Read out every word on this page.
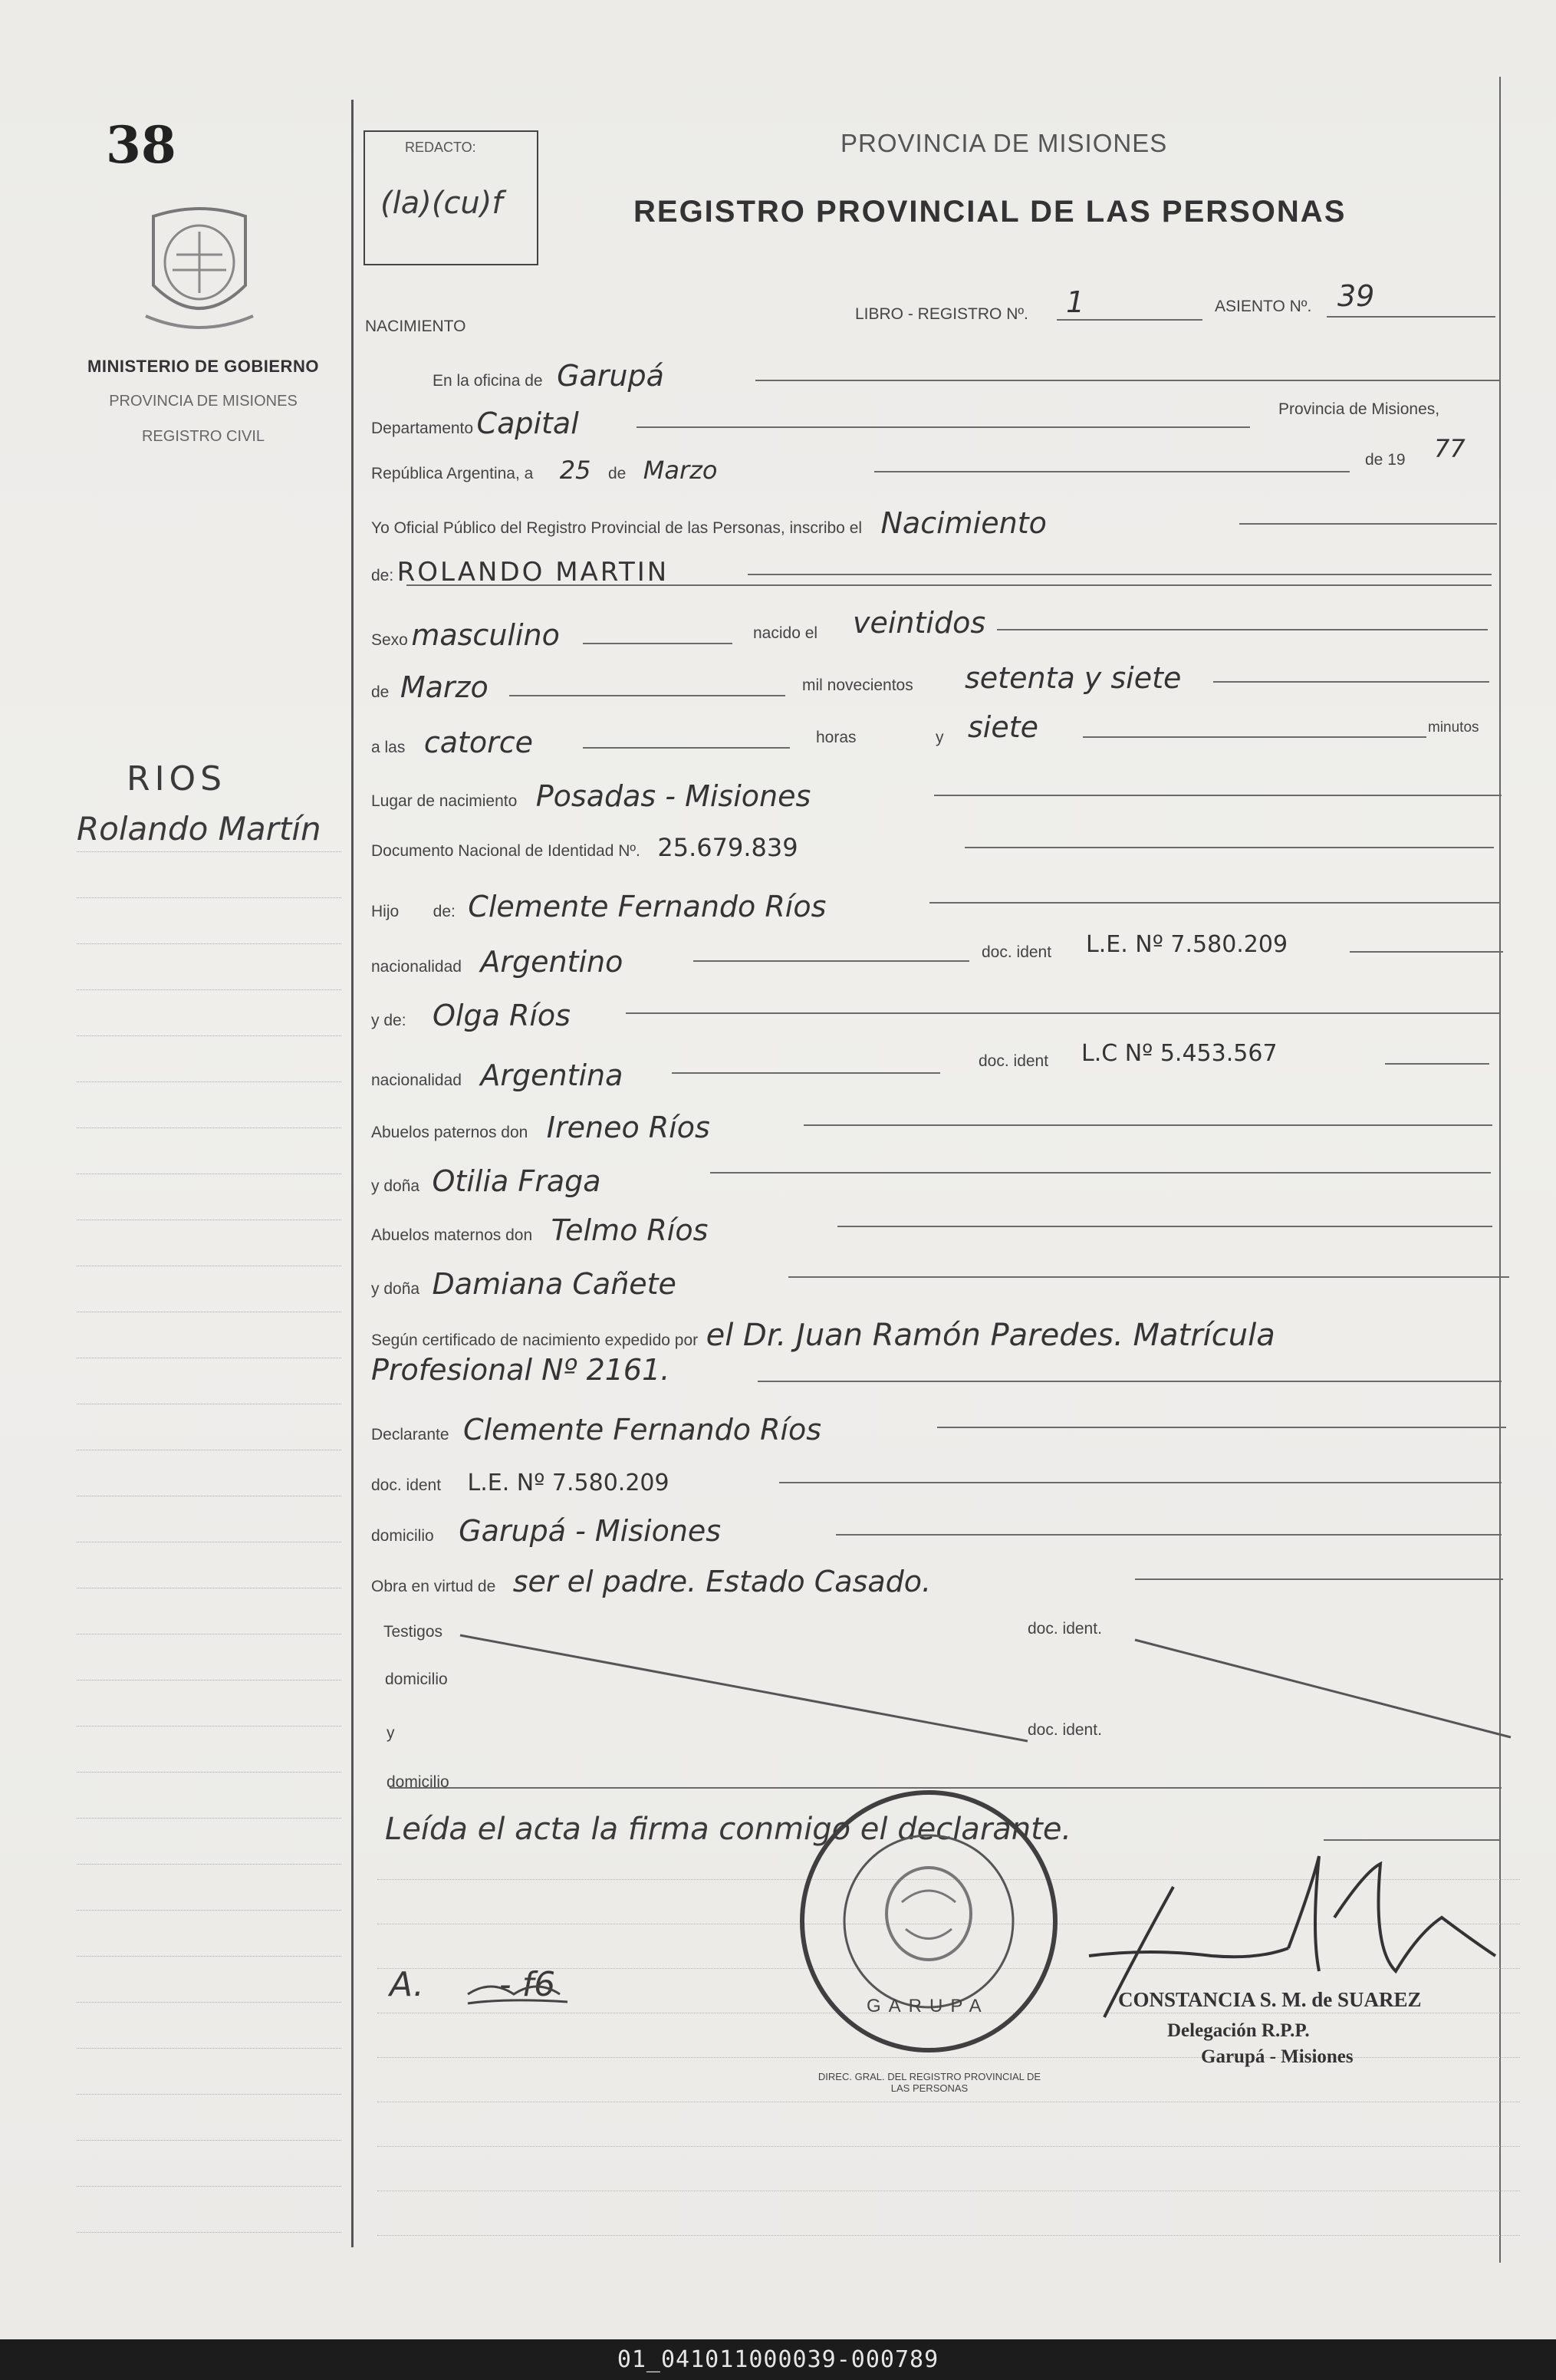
38
MINISTERIO DE GOBIERNO
PROVINCIA DE MISIONES
REGISTRO CIVIL
RIOS
Rolando Martín
REDACTO:
(la)(cu)f
PROVINCIA DE MISIONES
REGISTRO PROVINCIAL DE LAS PERSONAS
NACIMIENTO
LIBRO - REGISTRO Nº. 1	ASIENTO Nº. 39
En la oficina de Garupá
Departamento Capital	Provincia de Misiones,
República Argentina, a 25 de Marzo	de 19 77
Yo Oficial Público del Registro Provincial de las Personas, inscribo el Nacimiento
de: ROLANDO MARTIN
Sexo masculino	nacido el veintidos
de Marzo	mil novecientos setenta y siete
a las catorce	horas	y siete	minutos
Lugar de nacimiento Posadas - Misiones
Documento Nacional de Identidad Nº. 25.679.839
Hijo de: Clemente Fernando Ríos
nacionalidad Argentino	doc. ident L.E. Nº 7.580.209
y de: Olga Ríos
nacionalidad Argentina	doc. ident L.C Nº 5.453.567
Abuelos paternos don Ireneo Ríos
y doña Otilia Fraga
Abuelos maternos don Telmo Ríos
y doña Damiana Cañete
Según certificado de nacimiento expedido por el Dr. Juan Ramón Paredes. Matrícula
Profesional Nº 2161.
Declarante Clemente Fernando Ríos
doc. ident L.E. Nº 7.580.209
domicilio Garupá - Misiones
Obra en virtud de ser el padre. Estado Casado.
Testigos	doc. ident.
domicilio
y	doc. ident.
domicilio
Leída el acta la firma conmigo el declarante.
DIREC. GRAL. DEL REGISTRO PROVINCIAL DE LAS PERSONAS
GARUPA	CONSTANCIA S. M. de SUAREZ
Delegación R.P.P.
Garupá - Misiones
A.       - f6
01_041011000039-000789
